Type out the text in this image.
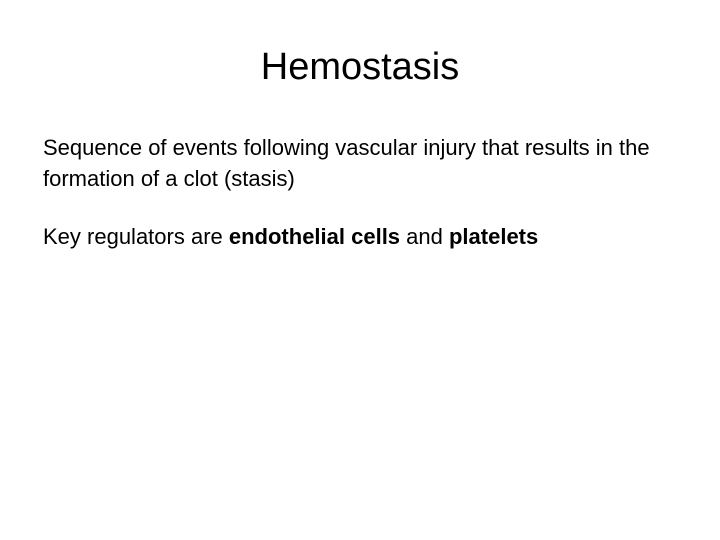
Hemostasis

Sequence of events following vascular injury that results in the formation of a clot (stasis)

Key regulators are endothelial cells and platelets
